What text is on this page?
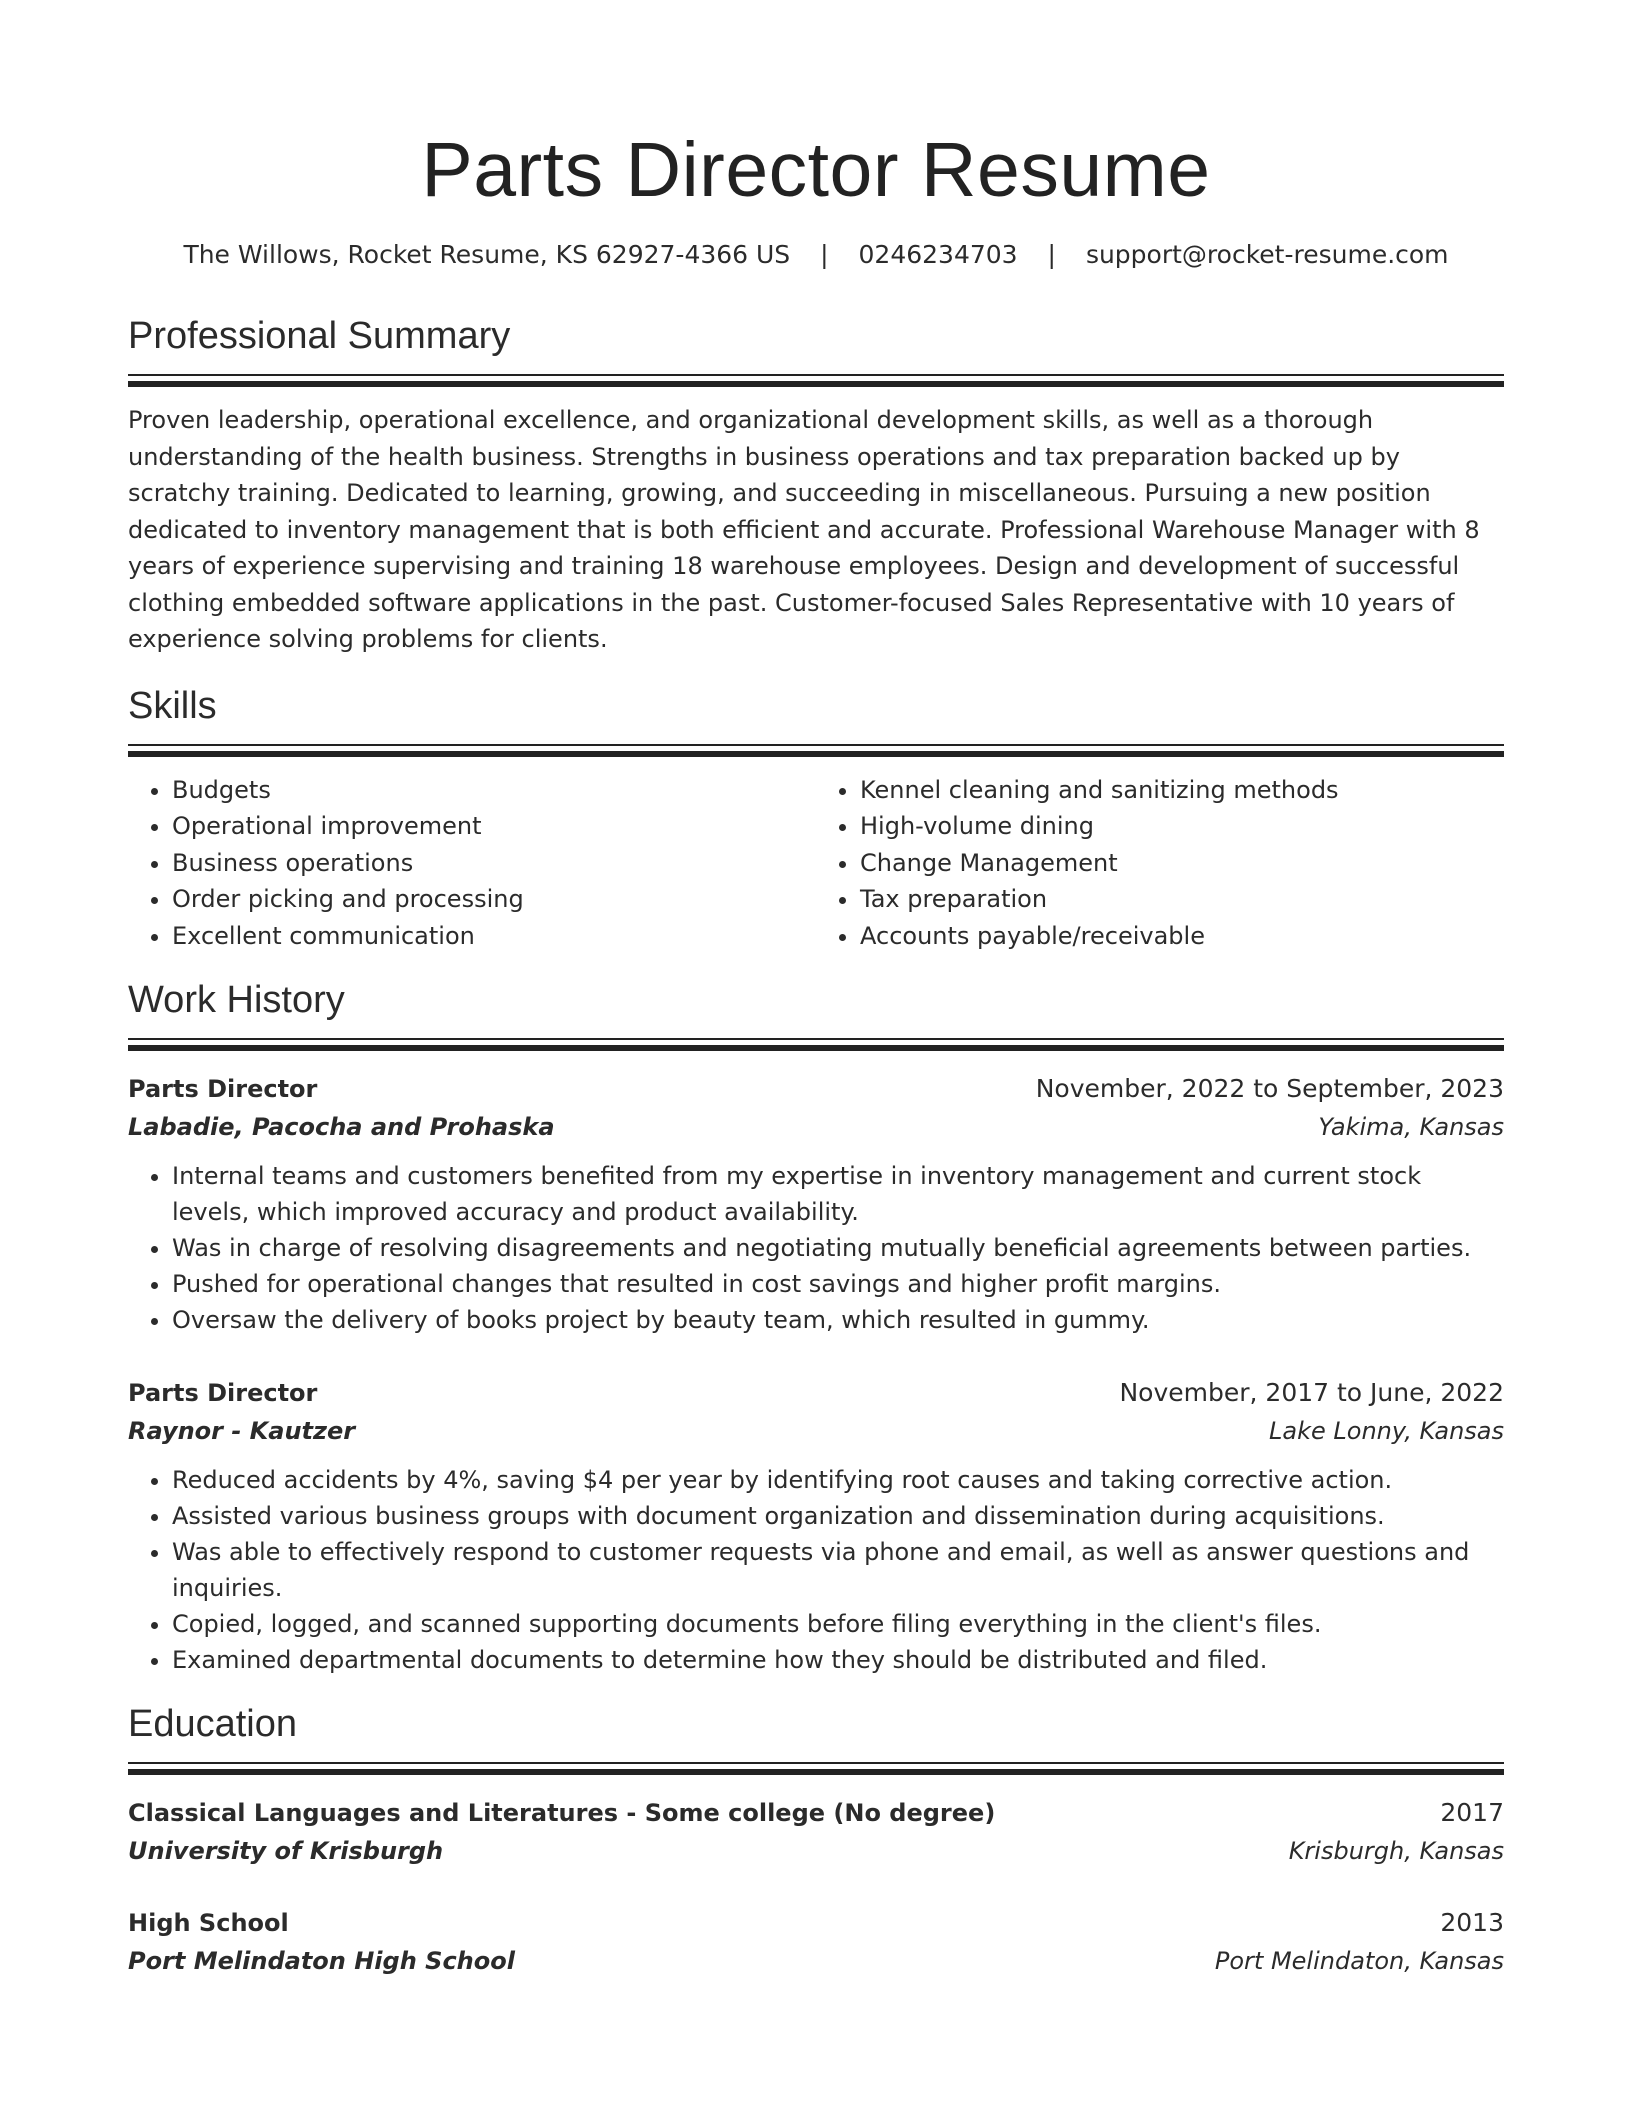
Parts Director Resume
The Willows, Rocket Resume, KS 62927-4366 US | 0246234703 | support@rocket-resume.com
Professional Summary

Proven leadership, operational excellence, and organizational development skills, as well as a thorough understanding of the health business. Strengths in business operations and tax preparation backed up by scratchy training. Dedicated to learning, growing, and succeeding in miscellaneous. Pursuing a new position dedicated to inventory management that is both efficient and accurate. Professional Warehouse Manager with 8 years of experience supervising and training 18 warehouse employees. Design and development of successful clothing embedded software applications in the past. Customer-focused Sales Representative with 10 years of experience solving problems for clients.

Skills
• Budgets
• Operational improvement
• Business operations
• Order picking and processing
• Excellent communication
• Kennel cleaning and sanitizing methods
• High-volume dining
• Change Management
• Tax preparation
• Accounts payable/receivable
Work History
Parts Director	November, 2022 to September, 2023
Labadie, Pacocha and Prohaska	Yakima, Kansas
• Internal teams and customers benefited from my expertise in inventory management and current stock levels, which improved accuracy and product availability.
• Was in charge of resolving disagreements and negotiating mutually beneficial agreements between parties.
• Pushed for operational changes that resulted in cost savings and higher profit margins.
• Oversaw the delivery of books project by beauty team, which resulted in gummy.
Parts Director	November, 2017 to June, 2022
Raynor - Kautzer	Lake Lonny, Kansas
• Reduced accidents by 4%, saving $4 per year by identifying root causes and taking corrective action.
• Assisted various business groups with document organization and dissemination during acquisitions.
• Was able to effectively respond to customer requests via phone and email, as well as answer questions and inquiries.
• Copied, logged, and scanned supporting documents before filing everything in the client's files.
• Examined departmental documents to determine how they should be distributed and filed.
Education
Classical Languages and Literatures - Some college (No degree)	2017
University of Krisburgh	Krisburgh, Kansas
High School	2013
Port Melindaton High School	Port Melindaton, Kansas
